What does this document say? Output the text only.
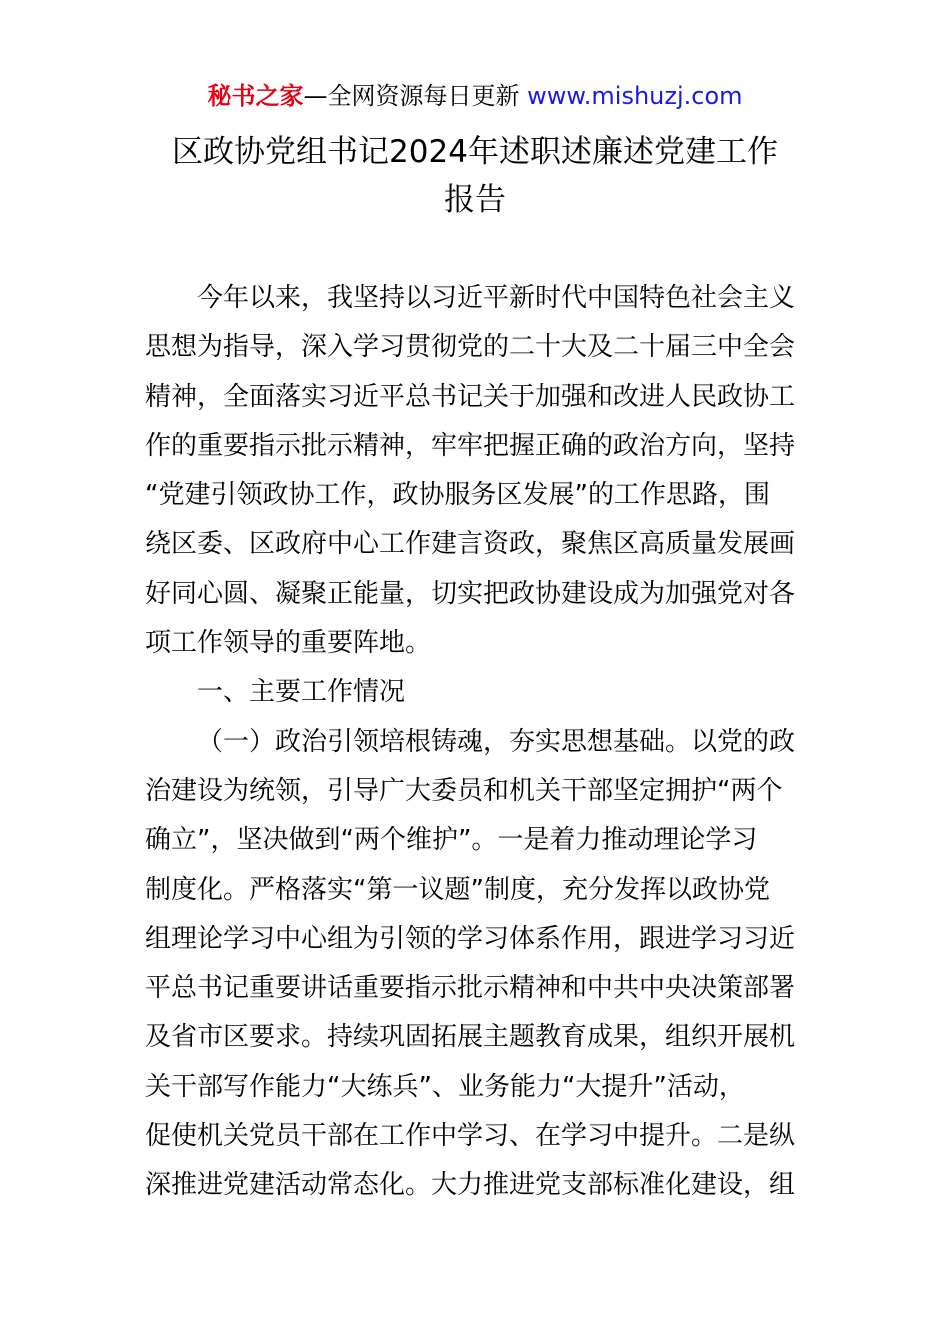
秘书之家—全网资源每日更新 www.mishuzj.com
区政协党组书记2024年述职述廉述党建工作
报告
今年以来，我坚持以习近平新时代中国特色社会主义
思想为指导，深入学习贯彻党的二十大及二十届三中全会
精神，全面落实习近平总书记关于加强和改进人民政协工
作的重要指示批示精神，牢牢把握正确的政治方向，坚持
“党建引领政协工作，政协服务区发展”的工作思路，围
绕区委、区政府中心工作建言资政，聚焦区高质量发展画
好同心圆、凝聚正能量，切实把政协建设成为加强党对各
项工作领导的重要阵地。
一、主要工作情况
（一）政治引领培根铸魂，夯实思想基础。以党的政
治建设为统领，引导广大委员和机关干部坚定拥护“两个
确立”，坚决做到“两个维护”。一是着力推动理论学习
制度化。严格落实“第一议题”制度，充分发挥以政协党
组理论学习中心组为引领的学习体系作用，跟进学习习近
平总书记重要讲话重要指示批示精神和中共中央决策部署
及省市区要求。持续巩固拓展主题教育成果，组织开展机
关干部写作能力“大练兵”、业务能力“大提升”活动，
促使机关党员干部在工作中学习、在学习中提升。二是纵
深推进党建活动常态化。大力推进党支部标准化建设，组
